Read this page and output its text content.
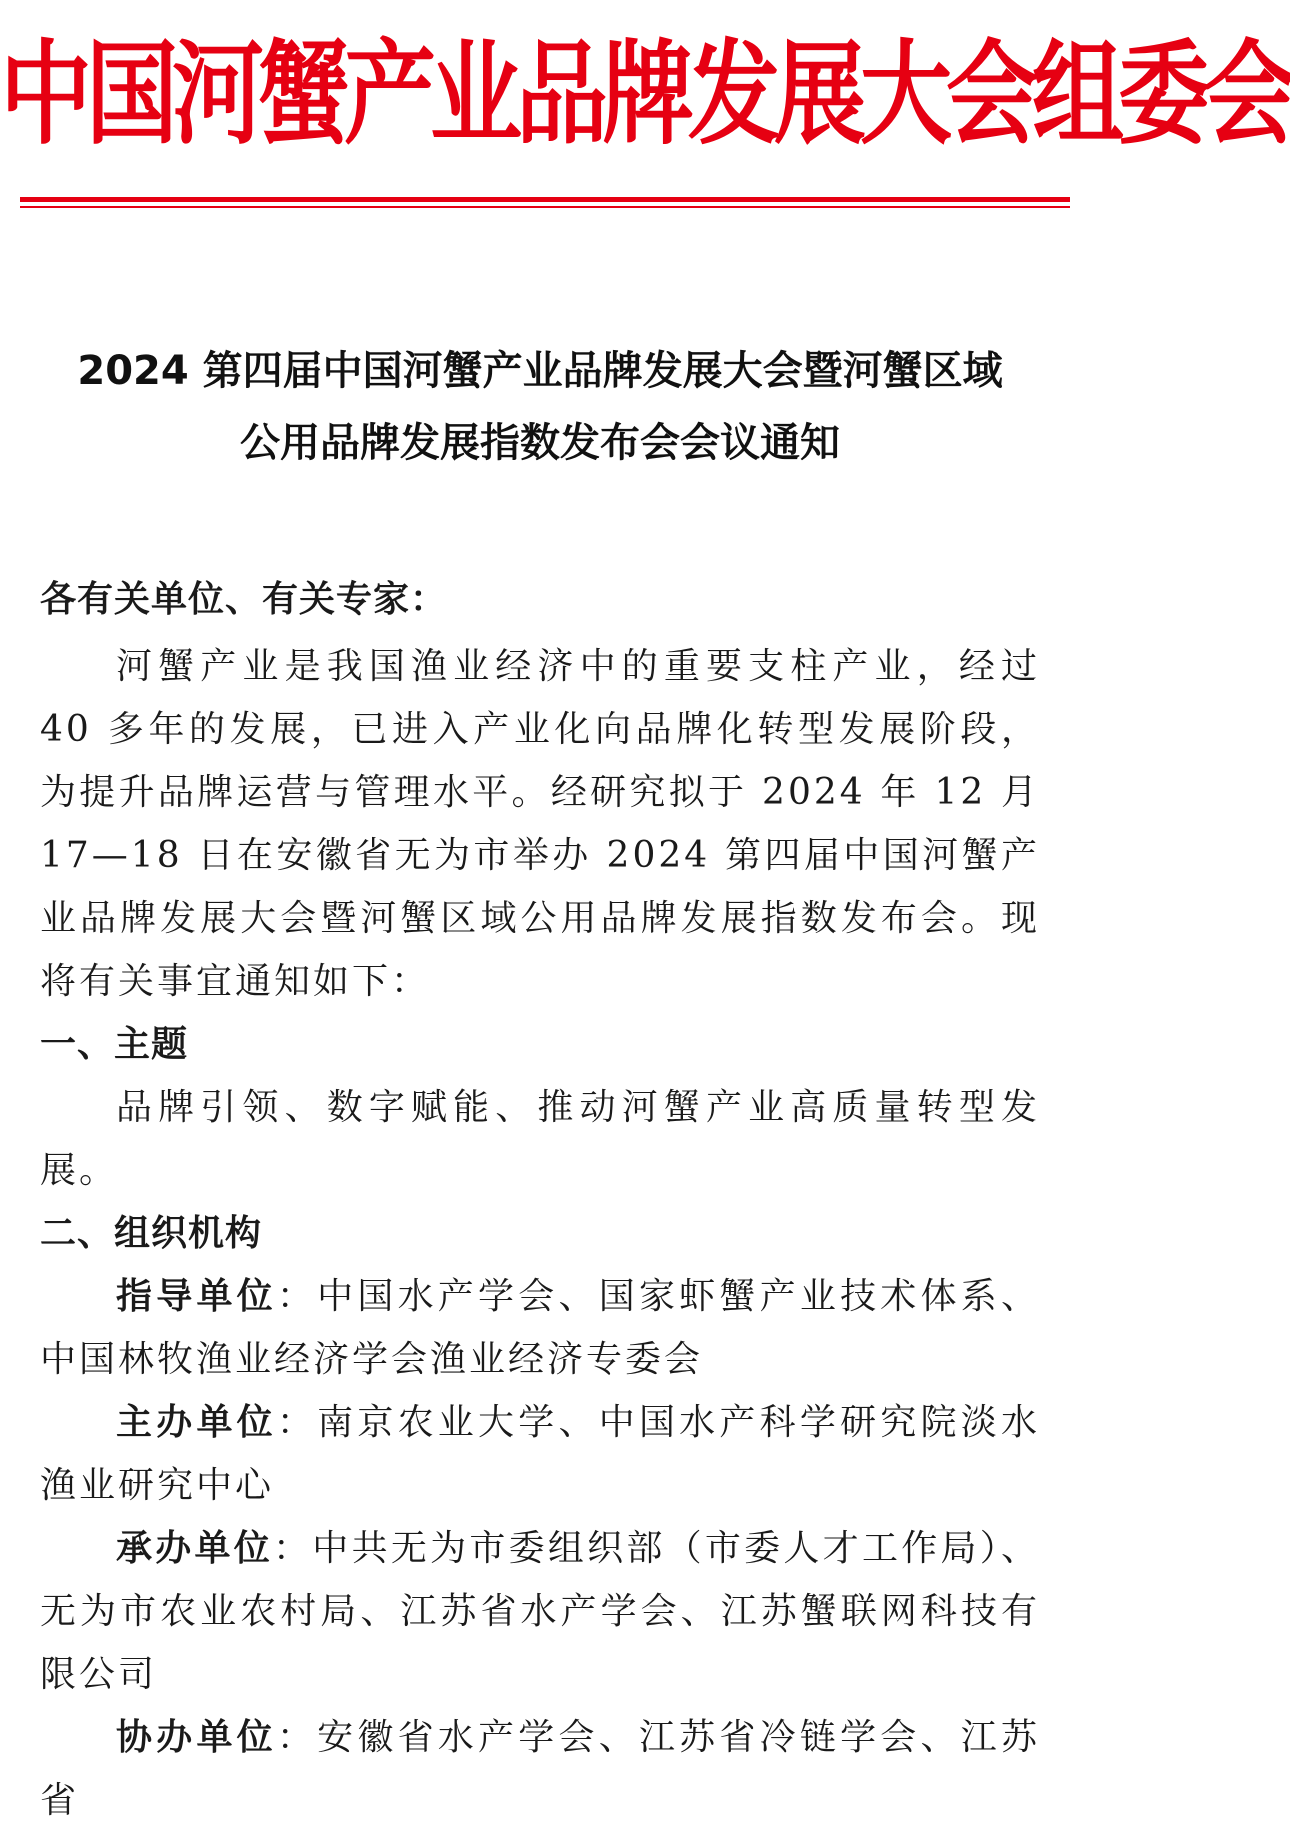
中国河蟹产业品牌发展大会组委会
2024 第四届中国河蟹产业品牌发展大会暨河蟹区域
公用品牌发展指数发布会会议通知

各有关单位、有关专家：

河蟹产业是我国渔业经济中的重要支柱产业，经过 40 多年的发展，已进入产业化向品牌化转型发展阶段，为提升品牌运营与管理水平。经研究拟于 2024 年 12 月 17—18 日在安徽省无为市举办 2024 第四届中国河蟹产业品牌发展大会暨河蟹区域公用品牌发展指数发布会。现将有关事宜通知如下：

一、主题

品牌引领、数字赋能、推动河蟹产业高质量转型发展。

二、组织机构

指导单位：中国水产学会、国家虾蟹产业技术体系、中国林牧渔业经济学会渔业经济专委会

主办单位：南京农业大学、中国水产科学研究院淡水渔业研究中心

承办单位：中共无为市委组织部（市委人才工作局）、无为市农业农村局、江苏省水产学会、江苏蟹联网科技有限公司

协办单位：安徽省水产学会、江苏省冷链学会、江苏省
